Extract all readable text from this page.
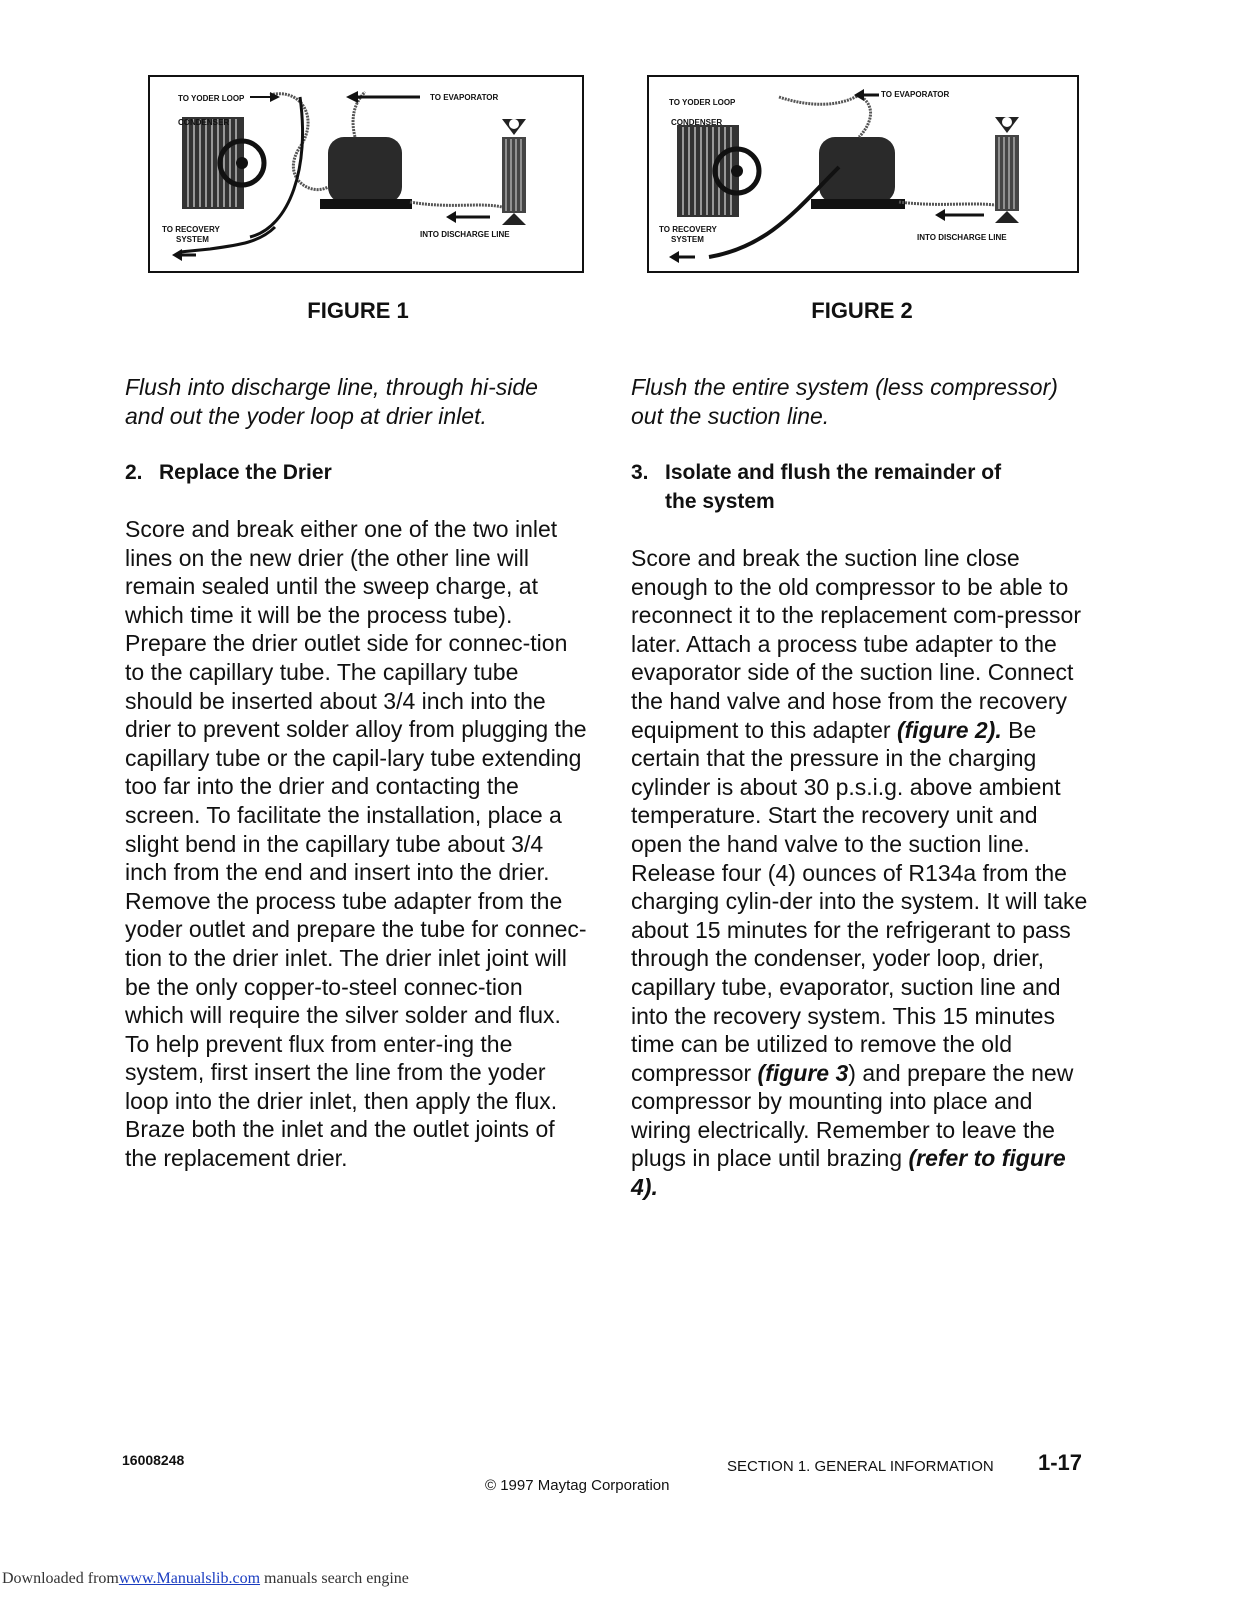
TO YODER LOOP	TO EVAPORATOR
CONDENSER
TO RECOVERY
SYSTEM
INTO DISCHARGE LINE
FIGURE 1
TO YODER LOOP
TO EVAPORATOR
CONDENSER
TO RECOVERY
SYSTEM	INTO DISCHARGE LINE
FIGURE 2

Flush into discharge line, through hi-side

and out the yoder loop at drier inlet.

2. Replace the Drier

Score and break either one of the two inlet lines on the new drier (the other line will remain sealed until the sweep charge, at which time it will be the process tube). Prepare the drier outlet side for connec-tion to the capillary tube. The capillary tube should be inserted about 3/4 inch into the drier to prevent solder alloy from plugging the capillary tube or the capil-lary tube extending too far into the drier and contacting the screen. To facilitate the installation, place a slight bend in the capillary tube about 3/4 inch from the end and insert into the drier. Remove the process tube adapter from the yoder outlet and prepare the tube for connec-tion to the drier inlet. The drier inlet joint will be the only copper-to-steel connec-tion which will require the silver solder and flux. To help prevent flux from enter-ing the system, first insert the line from the yoder loop into the drier inlet, then apply the flux. Braze both the inlet and the outlet joints of the replacement drier.

Flush the entire system (less compressor)

out the suction line.

3. Isolate and flush the remainder of
the system

Score and break the suction line close enough to the old compressor to be able to reconnect it to the replacement com-pressor later. Attach a process tube adapter to the evaporator side of the suction line. Connect the hand valve and hose from the recovery equipment to this adapter (figure 2). Be certain that the pressure in the charging cylinder is about 30 p.s.i.g. above ambient temperature. Start the recovery unit and open the hand valve to the suction line. Release four (4) ounces of R134a from the charging cylin-der into the system. It will take about 15 minutes for the refrigerant to pass through the condenser, yoder loop, drier, capillary tube, evaporator, suction line and into the recovery system. This 15 minutes time can be utilized to remove the old compressor (figure 3) and prepare the new compressor by mounting into place and wiring electrically. Remember to leave the plugs in place until brazing (refer to figure 4).

16008248	SECTION 1. GENERAL INFORMATION 1-17
© 1997 Maytag Corporation
Downloaded fromwww.Manualslib.com manuals search engine
